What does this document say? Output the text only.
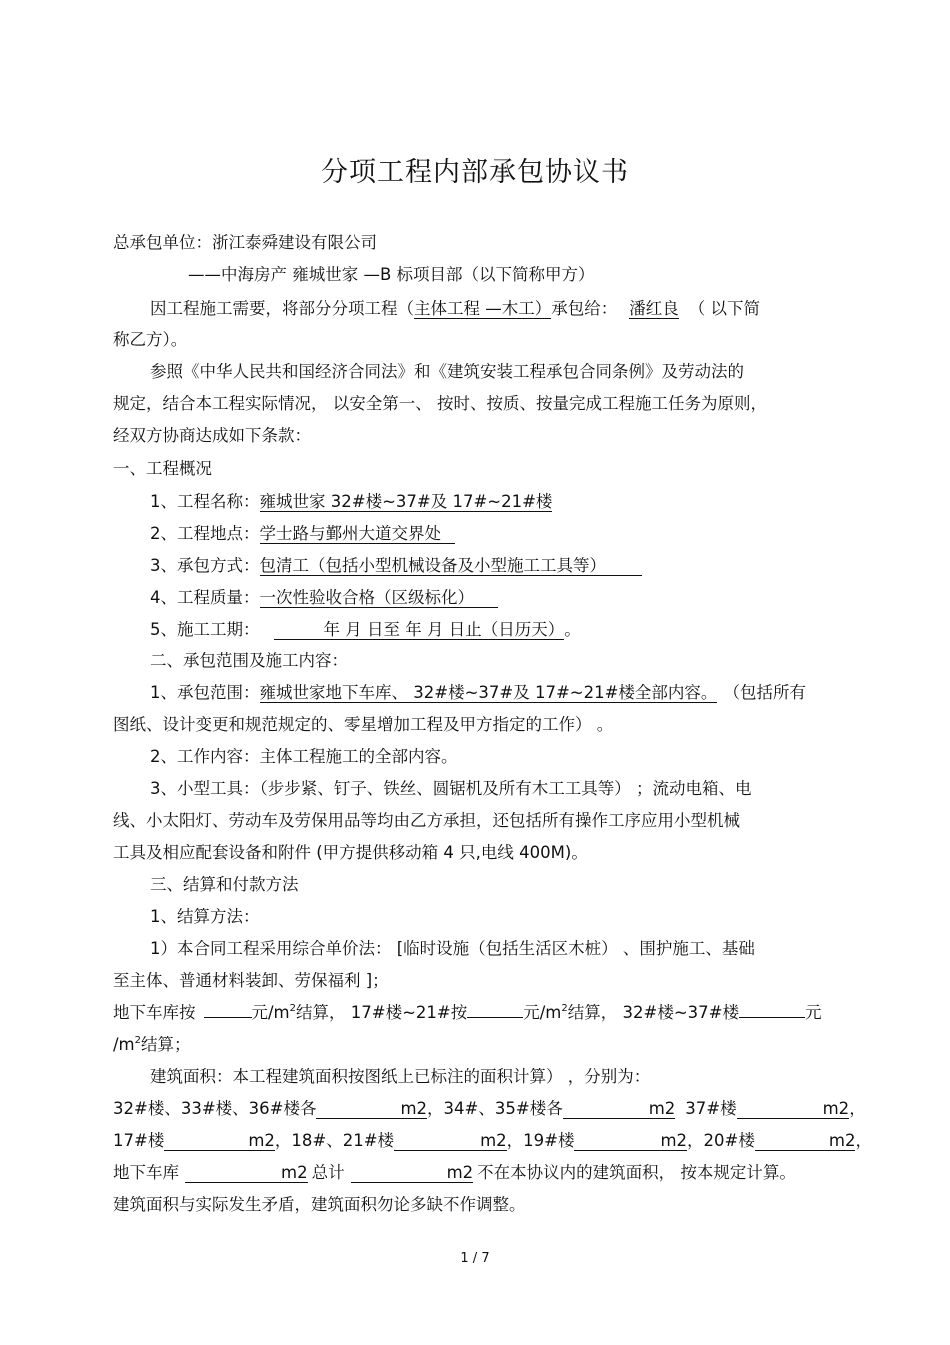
分项工程内部承包协议书
总承包单位：浙江泰舜建设有限公司
——中海房产 雍城世家 —B 标项目部（以下简称甲方）
因工程施工需要，将部分分项工程（主体工程 —木工）承包给： 潘红良 （ 以下简
称乙方）。
参照《中华人民共和国经济合同法》和《建筑安装工程承包合同条例》及劳动法的
规定，结合本工程实际情况， 以安全第一、 按时、按质、按量完成工程施工任务为原则，
经双方协商达成如下条款：
一、工程概况
1、工程名称：雍城世家 32#楼~37#及 17#~21#楼
2、工程地点：学士路与鄞州大道交界处
3、承包方式：包清工（包括小型机械设备及小型施工工具等）
4、工程质量：一次性验收合格（区级标化）
5、施工工期：	年 月 日至 年 月 日止（日历天）。
二、承包范围及施工内容：
1、承包范围：雍城世家地下车库、 32#楼~37#及 17#~21#楼全部内容。 （包括所有
图纸、设计变更和规范规定的、零星增加工程及甲方指定的工作） 。
2、工作内容：主体工程施工的全部内容。
3、小型工具：（步步紧、钉子、铁丝、圆锯机及所有木工工具等） ；流动电箱、电
线、小太阳灯、劳动车及劳保用品等均由乙方承担，还包括所有操作工序应用小型机械
工具及相应配套设备和附件 (甲方提供移动箱 4 只,电线 400M)。
三、结算和付款方法
1、结算方法：
1）本合同工程采用综合单价法： [临时设施（包括生活区木桩） 、围护施工、基础
至主体、普通材料装卸、劳保福利 ]；
地下车库按	元$/m^2$结算， 17#楼~21#按	元$/m^2$结算， 32#楼~37#楼	元
$/m^2$结算；
建筑面积：本工程建筑面积按图纸上已标注的面积计算） ，分别为：
32#楼、33#楼、36#楼各	m2，34#、35#楼各	m2 37#楼	m2，
17#楼	m2，18#、21#楼	m2，19#楼	m2，20#楼	m2，
地下车库	m2 总计	m2 不在本协议内的建筑面积， 按本规定计算。
建筑面积与实际发生矛盾，建筑面积勿论多缺不作调整。
1 / 7
